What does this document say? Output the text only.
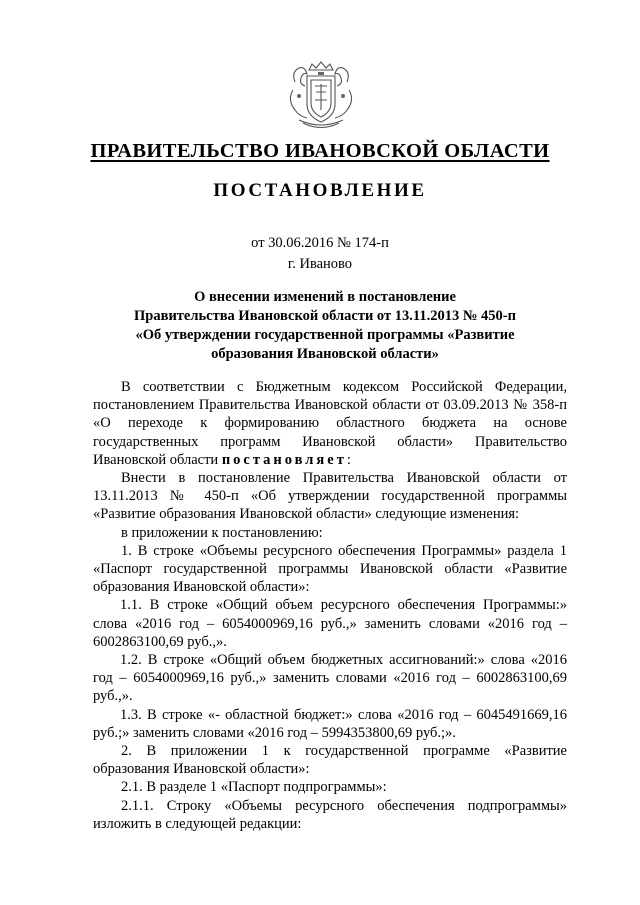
ПРАВИТЕЛЬСТВО ИВАНОВСКОЙ ОБЛАСТИ
ПОСТАНОВЛЕНИЕ
от 30.06.2016 № 174-п
г. Иваново
О внесении изменений в постановление
Правительства Ивановской области от 13.11.2013 № 450-п
«Об утверждении государственной программы «Развитие
образования Ивановской области»

В соответствии с Бюджетным кодексом Российской Федерации, постановлением Правительства Ивановской области от 03.09.2013 № 358-п «О переходе к формированию областного бюджета на основе государственных программ Ивановской области» Правительство Ивановской области постановляет:

Внести в постановление Правительства Ивановской области от 13.11.2013 № 450-п «Об утверждении государственной программы «Развитие образования Ивановской области» следующие изменения:

в приложении к постановлению:

1. В строке «Объемы ресурсного обеспечения Программы» раздела 1 «Паспорт государственной программы Ивановской области «Развитие образования Ивановской области»:

1.1. В строке «Общий объем ресурсного обеспечения Программы:» слова «2016 год – 6054000969,16 руб.,» заменить словами «2016 год – 6002863100,69 руб.,».

1.2. В строке «Общий объем бюджетных ассигнований:» слова «2016 год – 6054000969,16 руб.,» заменить словами «2016 год – 6002863100,69 руб.,».

1.3. В строке «- областной бюджет:» слова «2016 год – 6045491669,16 руб.;» заменить словами «2016 год – 5994353800,69 руб.;».

2. В приложении 1 к государственной программе «Развитие образования Ивановской области»:

2.1. В разделе 1 «Паспорт подпрограммы»:

2.1.1. Строку «Объемы ресурсного обеспечения подпрограммы» изложить в следующей редакции:
